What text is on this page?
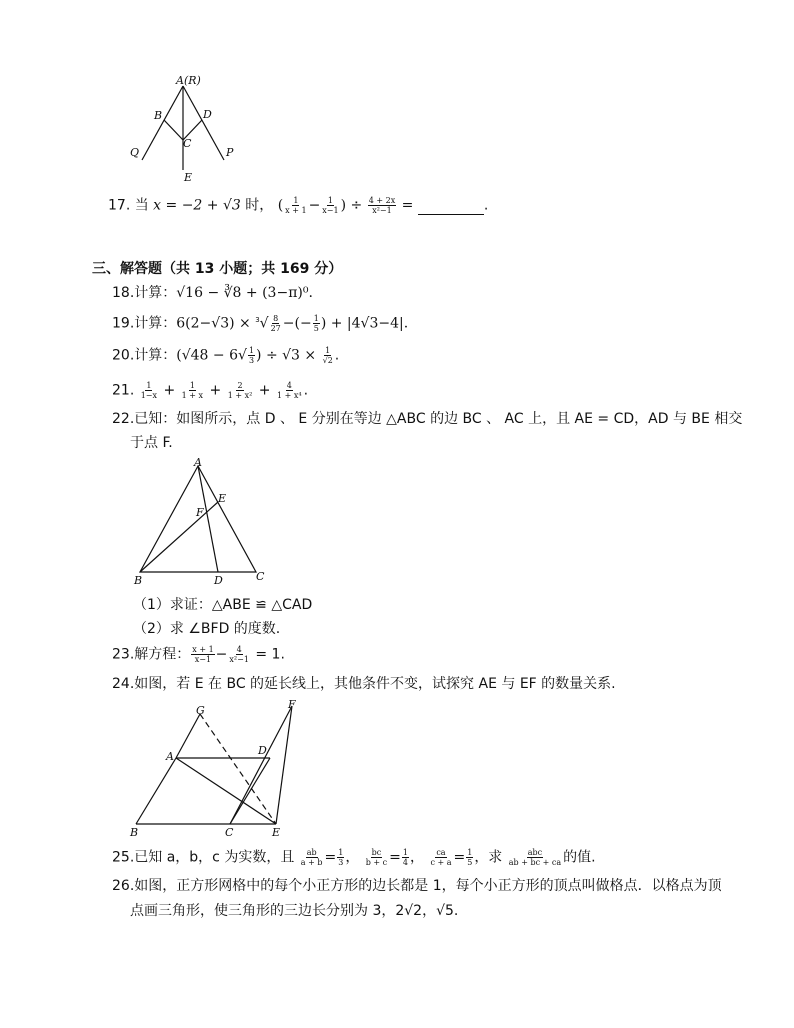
A(R)
B	D
C
Q	P
E
17. 当 x = −2 + √3 时， ( $\frac{1}{x + 1} - \frac{1}{x-1}$ ) ÷ $\frac{4 + 2x}{\text{x²−1}}$ =	.
三、解答题（共 13 小题；共 169 分）
18.计算：√16 − ∛8 + (3−π)⁰.
19.计算：$6(2-√3) \times ^3√ \frac{8}{27}$ −(− $\frac{1}{5}$ ) + |4√3−4|.
20.计算：($√48 - 6√ \frac{1}{3}$ ) ÷ $√3 \times \frac{1}{√2}$ .
21. $\frac{1}{1-x} + \frac{1}{1 + x} + \frac{2}{\text{1 + x²}} + \frac{4}{\text{1 + x⁴}}$ .
22.已知：如图所示，点 D 、 E 分别在等边 △ABC 的边 BC 、 AC 上，且 AE = CD，AD 与 BE 相交
于点 F.
A
E
F
B	D	C
（1）求证：△ABE ≌ △CAD
（2）求 ∠BFD 的度数.
23.解方程： $\frac{x + 1}{x-1} - \frac{4}{\text{x²−1}} = 1$.
24.如图，若 E 在 BC 的延长线上，其他条件不变，试探究 AE 与 EF 的数量关系.
G	F
A	D
B	C	E
25.已知 a，b，c 为实数，且 $\frac{ab}{a + b} = \frac{1}{3}$ ， $\frac{bc}{b + c} = \frac{1}{4}$ ， $\frac{ca}{c + a} = \frac{1}{5}$ ，求 $\frac{\text{abc}}{ab + bc + ca}$ 的值.
26.如图，正方形网格中的每个小正方形的边长都是 1，每个小正方形的顶点叫做格点．以格点为顶
点画三角形，使三角形的三边长分别为 3，2√2，√5.
